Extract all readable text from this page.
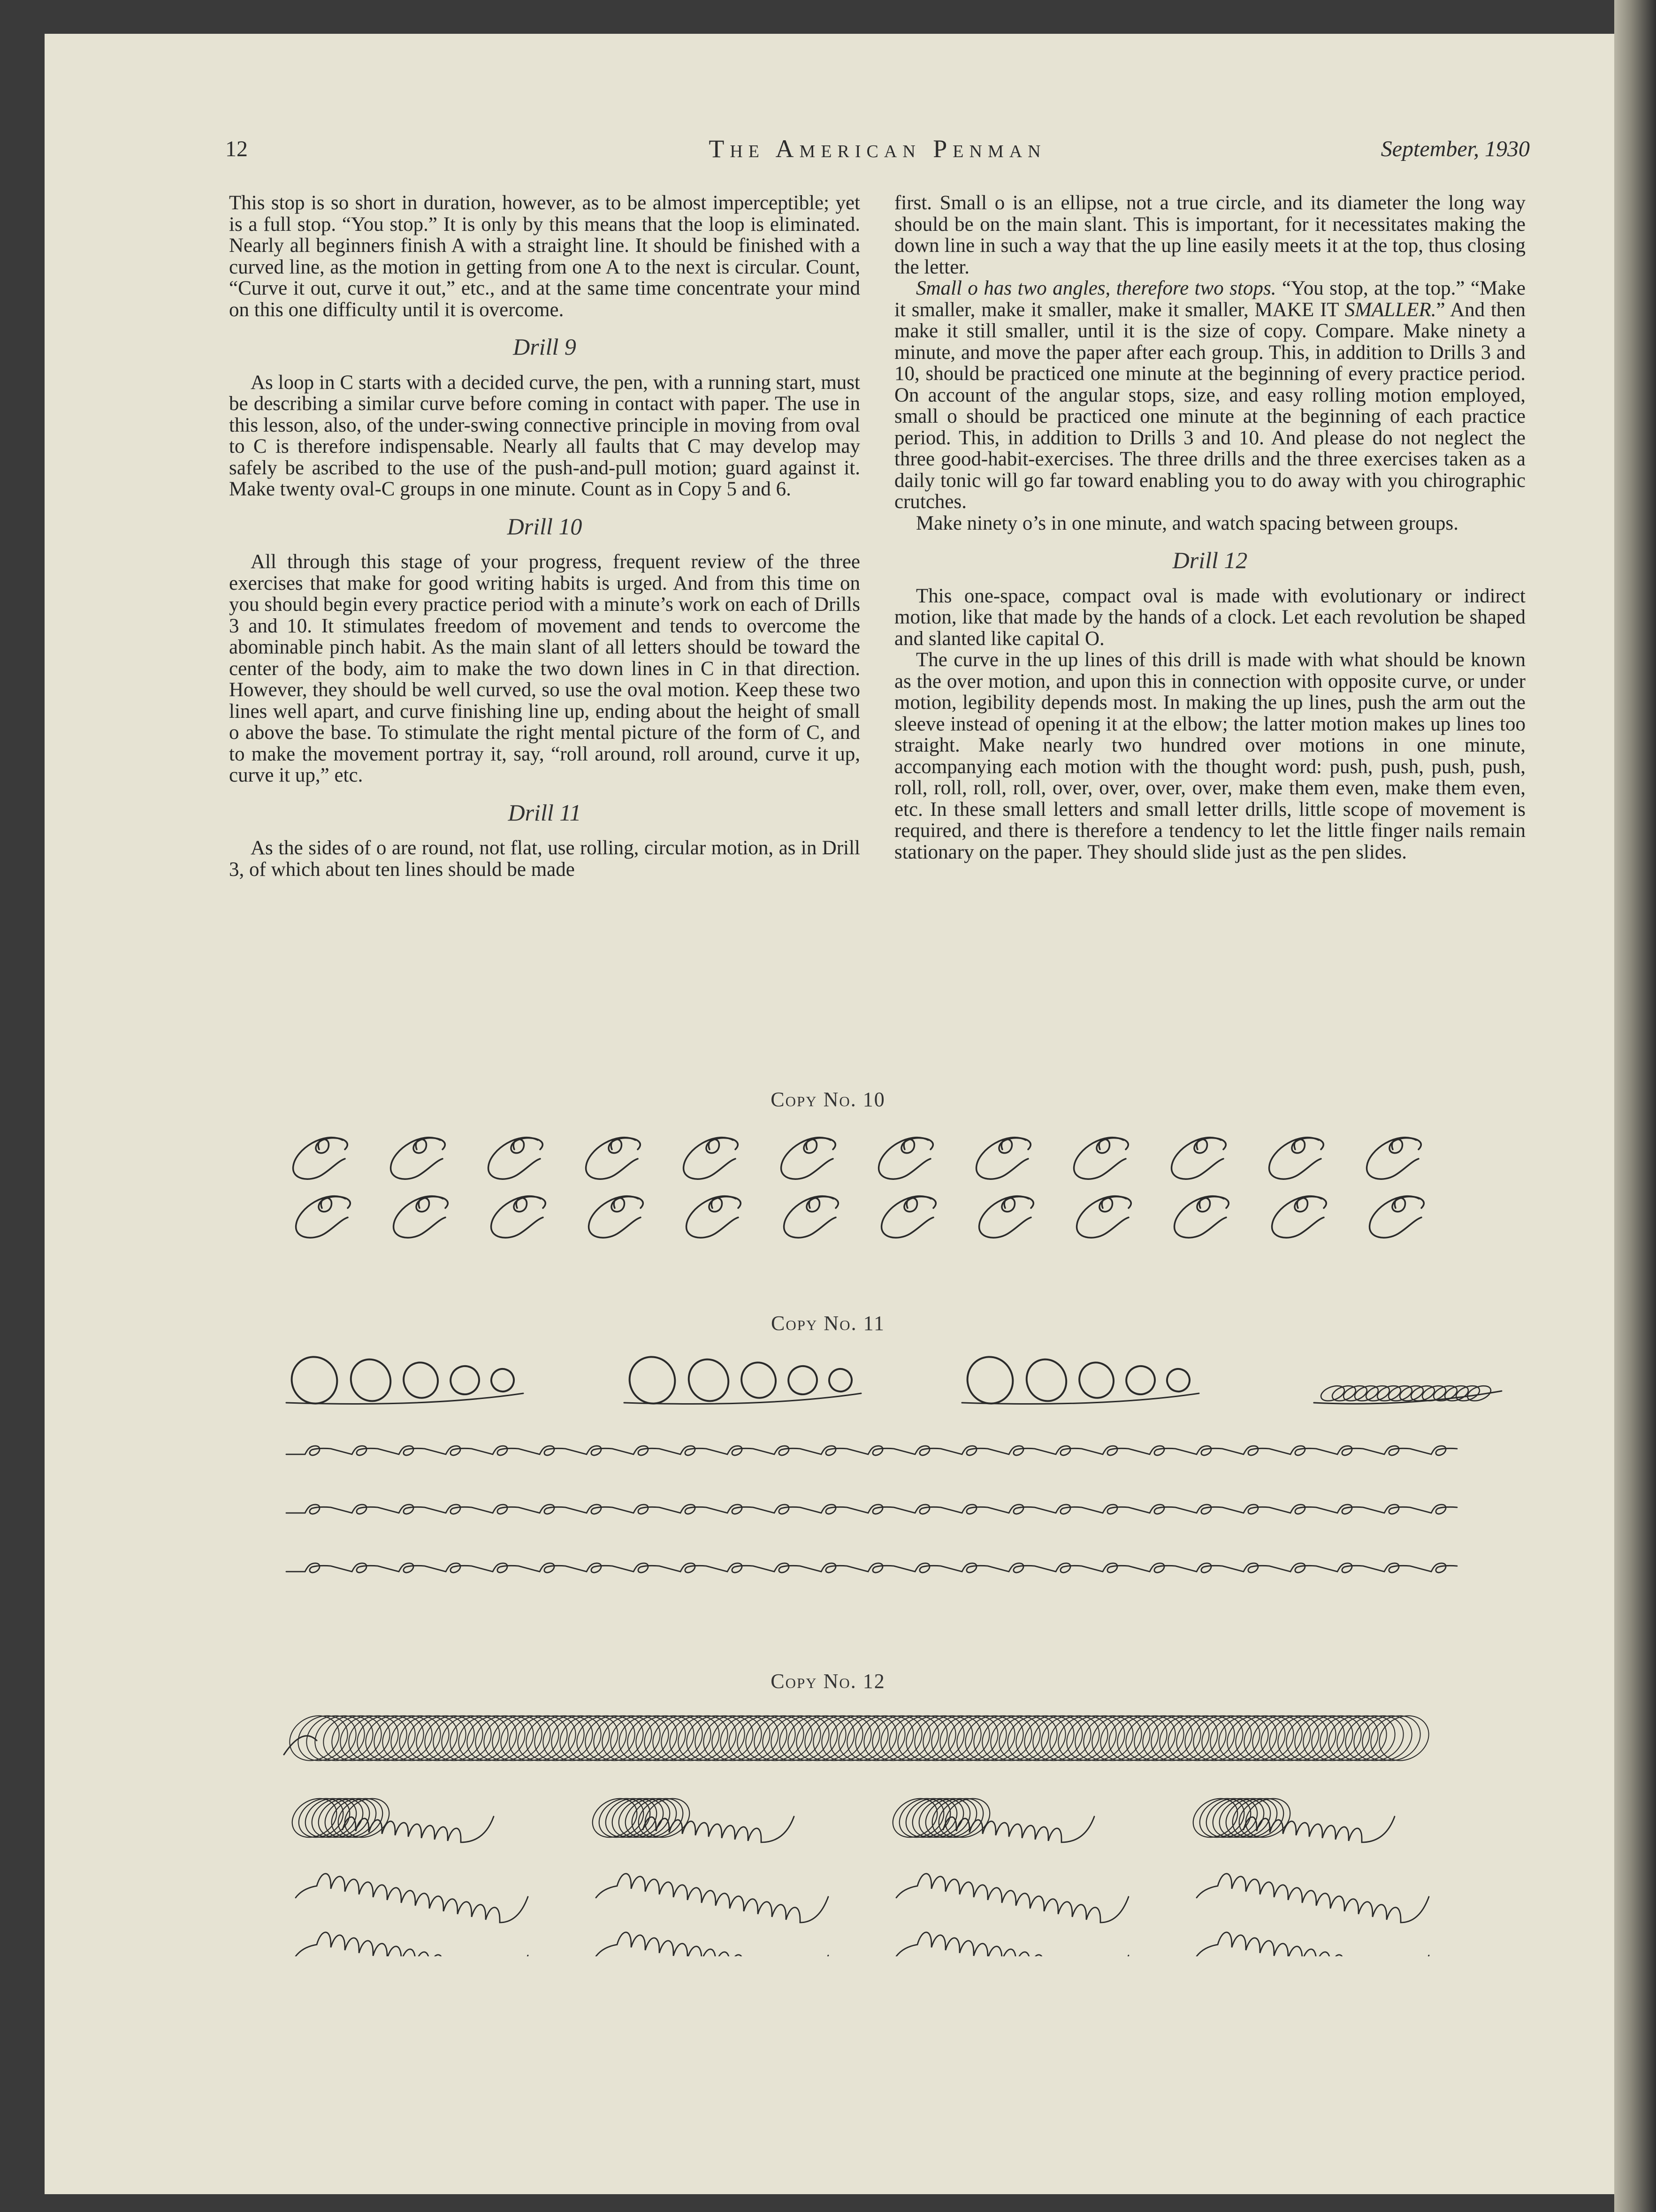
12	The American Penman	September, 1930

This stop is so short in duration, however, as to be almost imperceptible; yet is a full stop. “You stop.” It is only by this means that the loop is eliminated. Nearly all beginners finish A with a straight line. It should be finished with a curved line, as the motion in getting from one A to the next is circular. Count, “Curve it out, curve it out,” etc., and at the same time concentrate your mind on this one difficulty until it is overcome.

Drill 9

As loop in C starts with a decided curve, the pen, with a running start, must be describing a similar curve before coming in contact with paper. The use in this lesson, also, of the under-swing connective principle in moving from oval to C is therefore indispensable. Nearly all faults that C may develop may safely be ascribed to the use of the push-and-pull motion; guard against it. Make twenty oval-C groups in one minute. Count as in Copy 5 and 6.

Drill 10

All through this stage of your progress, frequent review of the three exercises that make for good writing habits is urged. And from this time on you should begin every practice period with a minute’s work on each of Drills 3 and 10. It stimulates freedom of movement and tends to overcome the abominable pinch habit. As the main slant of all letters should be toward the center of the body, aim to make the two down lines in C in that direction. However, they should be well curved, so use the oval motion. Keep these two lines well apart, and curve finishing line up, ending about the height of small o above the base. To stimulate the right mental picture of the form of C, and to make the movement portray it, say, “roll around, roll around, curve it up, curve it up,” etc.

Drill 11

As the sides of o are round, not flat, use rolling, circular motion, as in Drill 3, of which about ten lines should be made

first. Small o is an ellipse, not a true circle, and its diameter the long way should be on the main slant. This is important, for it necessitates making the down line in such a way that the up line easily meets it at the top, thus closing the letter.

Small o has two angles, therefore two stops. “You stop, at the top.” “Make it smaller, make it smaller, make it smaller, MAKE IT SMALLER.” And then make it still smaller, until it is the size of copy. Compare. Make ninety a minute, and move the paper after each group. This, in addition to Drills 3 and 10, should be practiced one minute at the beginning of every practice period. On account of the angular stops, size, and easy rolling motion employed, small o should be practiced one minute at the beginning of each practice period. This, in addition to Drills 3 and 10. And please do not neglect the three good-habit-exercises. The three drills and the three exercises taken as a daily tonic will go far toward enabling you to do away with you chirographic crutches.

Make ninety o’s in one minute, and watch spacing between groups.

Drill 12

This one-space, compact oval is made with evolutionary or indirect motion, like that made by the hands of a clock. Let each revolution be shaped and slanted like capital O.

The curve in the up lines of this drill is made with what should be known as the over motion, and upon this in connection with opposite curve, or under motion, legibility depends most. In making the up lines, push the arm out the sleeve instead of opening it at the elbow; the latter motion makes up lines too straight. Make nearly two hundred over motions in one minute, accompanying each motion with the thought word: push, push, push, push, roll, roll, roll, roll, over, over, over, over, make them even, make them even, etc. In these small letters and small letter drills, little scope of movement is required, and there is therefore a tendency to let the little finger nails remain stationary on the paper. They should slide just as the pen slides.

Copy No. 10
Copy No. 11
Copy No. 12
